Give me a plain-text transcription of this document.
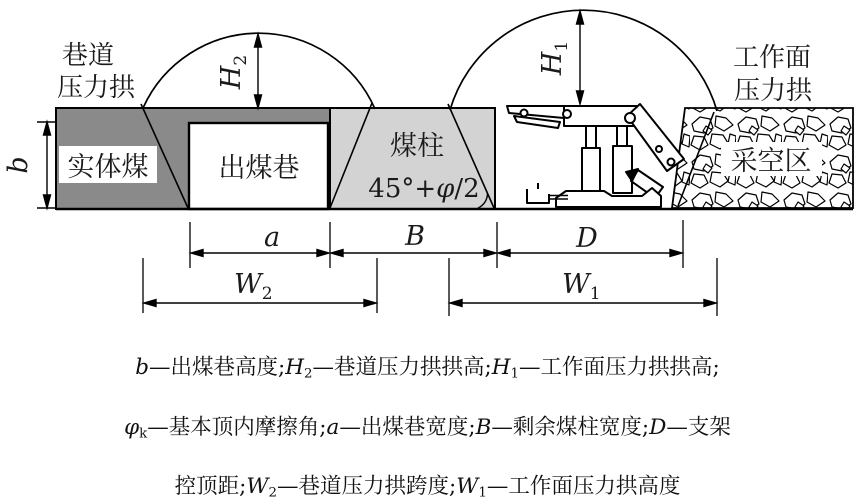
$H_2$	$H_1$
b
a	B	D
$W_2$	$W_1$
巷道
压力拱
工作面
压力拱
实体煤	出煤巷
煤柱
45°+φ/2
采空区
b—出煤巷高度$;H_2—$巷道压力拱拱高$;H_1—$工作面压力拱拱高;
$\varphi_k—$基本顶内摩擦角;a—出煤巷宽度;B—剩余煤柱宽度;D—支架
控顶距$;W_2—$巷道压力拱跨度$;W_1—$工作面压力拱高度
